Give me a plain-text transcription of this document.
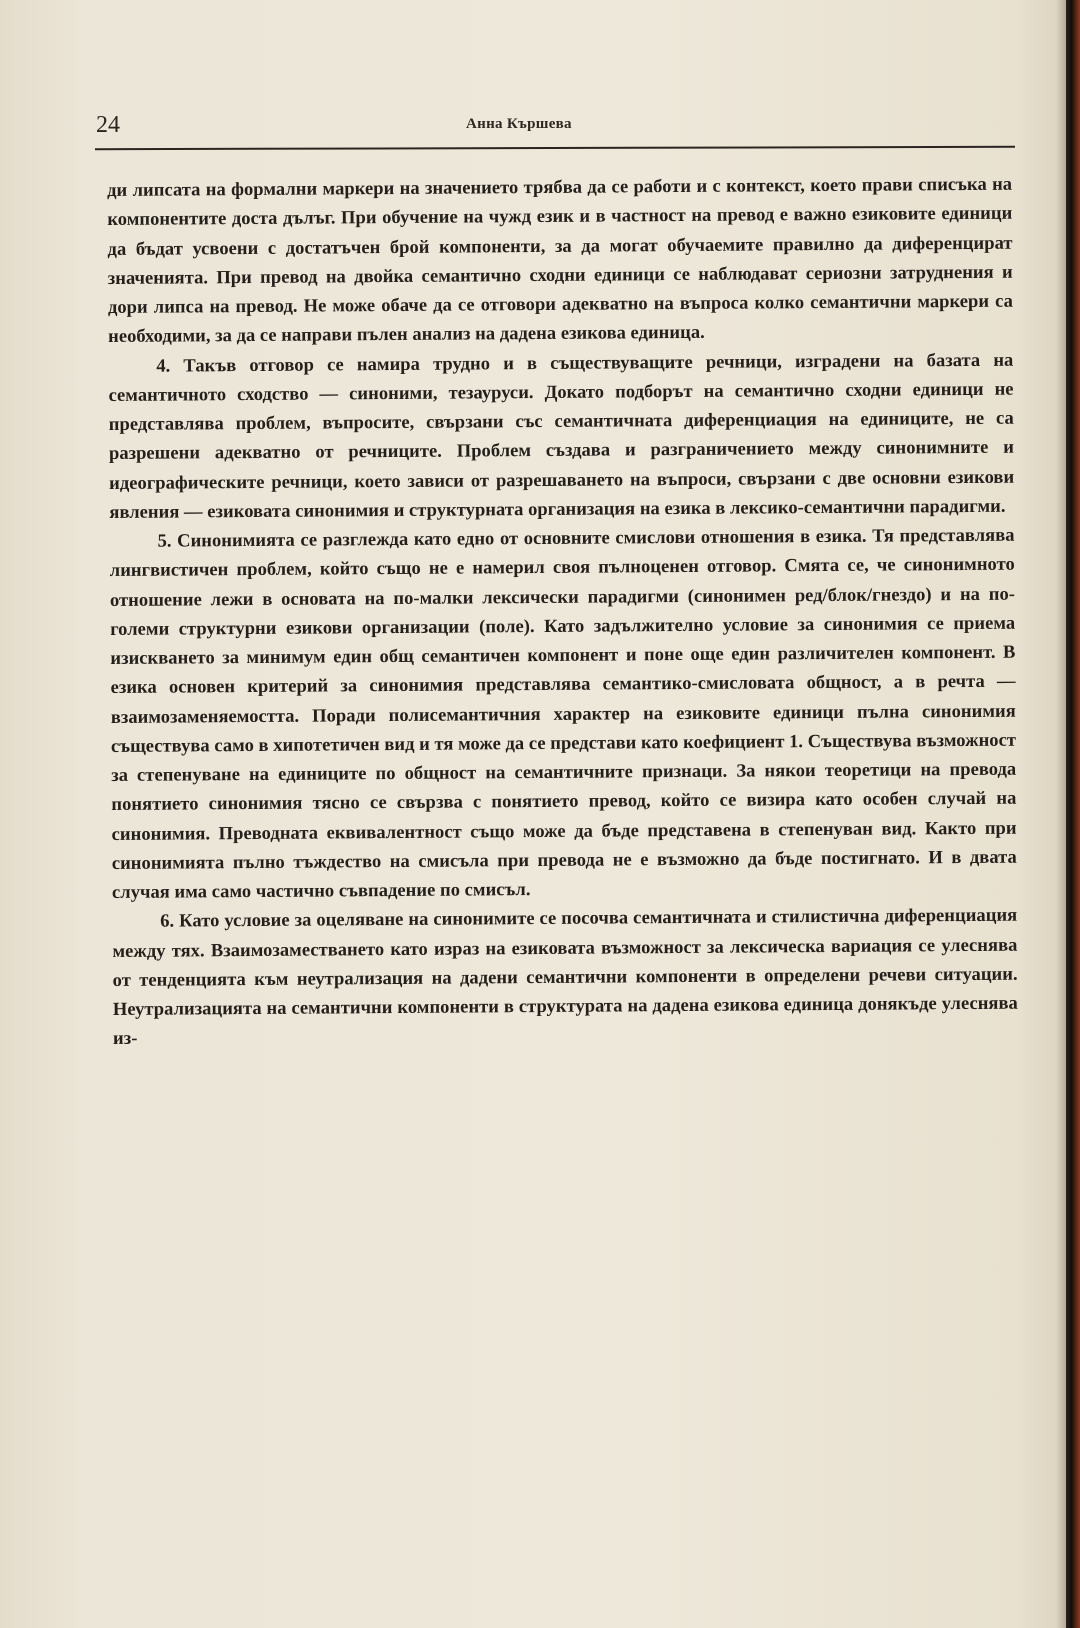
24	Анна Кършева

ди липсата на формални маркери на значението трябва да се работи и с контекст, което прави списъка на компонентите доста дълъг. При обучение на чужд език и в частност на превод е важно езиковите единици да бъдат усвоени с достатъчен брой компоненти, за да могат обучаемите правилно да диференцират значенията. При превод на двойка семантично сходни единици се наблюдават сериозни затруднения и дори липса на превод. Не може обаче да се отговори адекватно на въпроса колко семантични маркери са необходими, за да се направи пълен анализ на дадена езикова единица.

4. Такъв отговор се намира трудно и в съществуващите речници, изградени на базата на семантичното сходство — синоними, тезауруси. Докато подборът на семантично сходни единици не представлява проблем, въпросите, свързани със семантичната диференциация на единиците, не са разрешени адекватно от речниците. Проблем създава и разграничението между синонимните и идеографическите речници, което зависи от разрешаването на въпроси, свързани с две основни езикови явления — езиковата синонимия и структурната организация на езика в лексико-семантични парадигми.

5. Синонимията се разглежда като едно от основните смислови отношения в езика. Тя представлява лингвистичен проблем, който също не е намерил своя пълноценен отговор. Смята се, че синонимното отношение лежи в основата на по-малки лексически парадигми (синонимен ред/блок/гнездо) и на по-големи структурни езикови организации (поле). Като задължително условие за синонимия се приема изискването за минимум един общ семантичен компонент и поне още един различителен компонент. В езика основен критерий за синонимия представлява семантико-смисловата общност, а в речта — взаимозаменяемостта. Поради полисемантичния характер на езиковите единици пълна синонимия съществува само в хипотетичен вид и тя може да се представи като коефициент 1. Съществува възможност за степенуване на единиците по общност на семантичните признаци. За някои теоретици на превода понятието синонимия тясно се свързва с понятието превод, който се визира като особен случай на синонимия. Преводната еквивалентност също може да бъде представена в степенуван вид. Както при синонимията пълно тъждество на смисъла при превода не е възможно да бъде постигнато. И в двата случая има само частично съвпадение по смисъл.

6. Като условие за оцеляване на синонимите се посочва семантичната и стилистична диференциация между тях. Взаимозаместването като израз на езиковата възможност за лексическа вариация се улеснява от тенденцията към неутрализация на дадени семантични компоненти в определени речеви ситуации. Неутрализацията на семантични компоненти в структурата на дадена езикова единица донякъде улеснява из-
